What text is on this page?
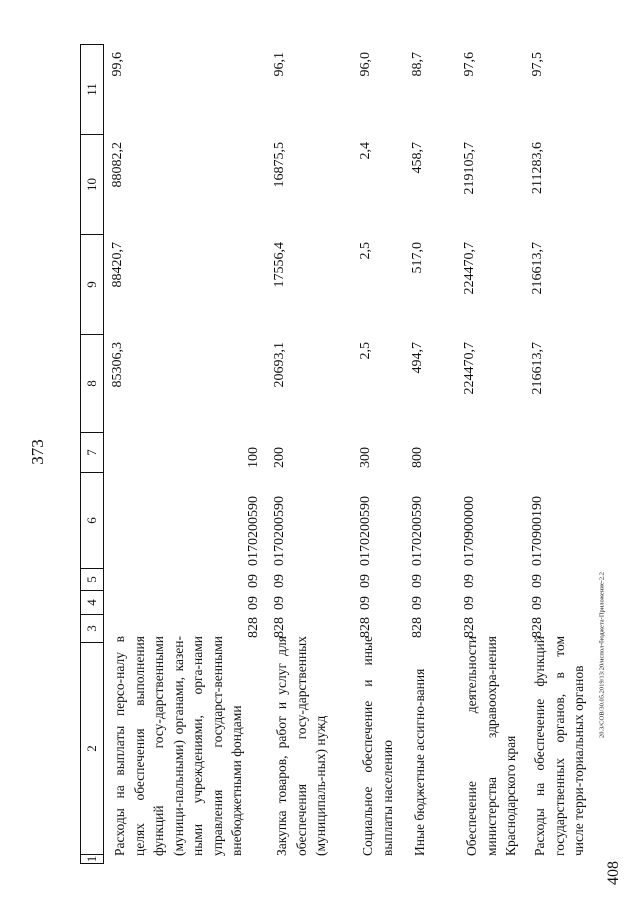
373
408
20.3/СОВ/30.05.2019/13:20/испол-бюджета-Приложение-2.2
1
2
3
4
5
6
7
8
9
10
11
Расходы на выплаты персо-налу в целях обеспечения выполнения функций госу-дарственными (муници-пальными) органами, казен-ными учреждениями, орга-нами управления государст-венными внебюджетными фондами
828
09
09
0170200590
100
85306,3
88420,7
88082,2
99,6
Закупка товаров, работ и услуг для обеспечения госу-дарственных (муниципаль-ных) нужд
828
09
09
0170200590
200
20693,1
17556,4
16875,5
96,1
Социальное обеспечение и иные выплаты населению
828
09
09
0170200590
300
2,5
2,5
2,4
96,0
Иные бюджетные ассигно-вания
828
09
09
0170200590
800
494,7
517,0
458,7
88,7
Обеспечение деятельности министерства здравоохра-нения Краснодарского края
828
09
09
0170900000
224470,7
224470,7
219105,7
97,6
Расходы на обеспечение функций государственных органов, в том числе терри-ториальных органов
828
09
09
0170900190
216613,7
216613,7
211283,6
97,5
